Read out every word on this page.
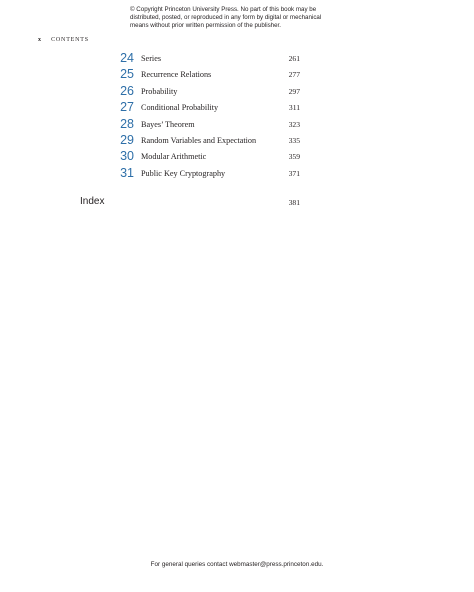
© Copyright Princeton University Press. No part of this book may be

distributed, posted, or reproduced in any form by digital or mechanical

means without prior written permission of the publisher.

x CONTENTS
24 Series	261
25 Recurrence Relations	277
26 Probability	297
27 Conditional Probability	311
28 Bayes’ Theorem	323
29 Random Variables and Expectation	335
30 Modular Arithmetic	359
31 Public Key Cryptography	371
Index	381
For general queries contact webmaster@press.princeton.edu.
